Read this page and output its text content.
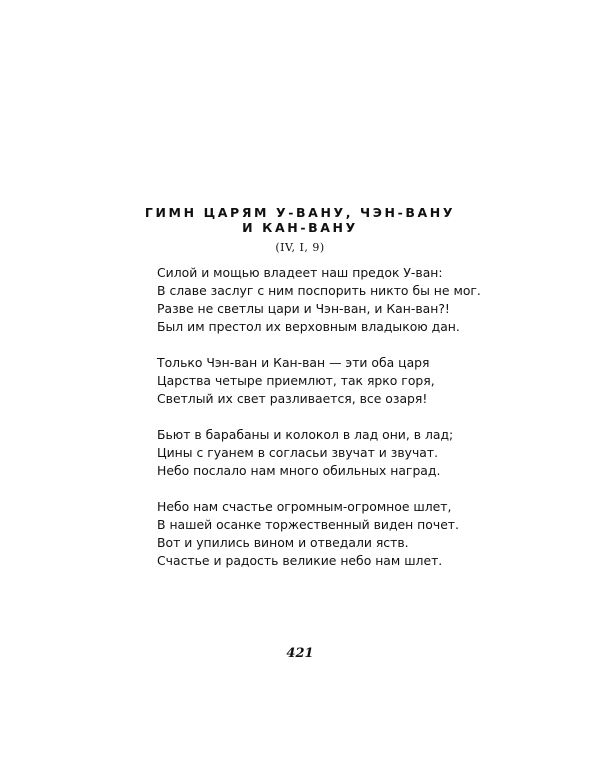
ГИМН ЦАРЯМ У-ВАНУ, ЧЭН-ВАНУ
И КАН-ВАНУ
(IV, I, 9)
Силой и мощью владеет наш предок У-ван:
В славе заслуг с ним поспорить никто бы не мог.
Разве не светлы цари и Чэн-ван, и Кан-ван?!
Был им престол их верховным владыкою дан.
Только Чэн-ван и Кан-ван — эти оба царя
Царства четыре приемлют, так ярко горя,
Светлый их свет разливается, все озаря!
Бьют в барабаны и колокол в лад они, в лад;
Цины с гуанем в согласьи звучат и звучат.
Небо послало нам много обильных наград.
Небо нам счастье огромным-огромное шлет,
В нашей осанке торжественный виден почет.
Вот и упились вином и отведали яств.
Счастье и радость великие небо нам шлет.
421
